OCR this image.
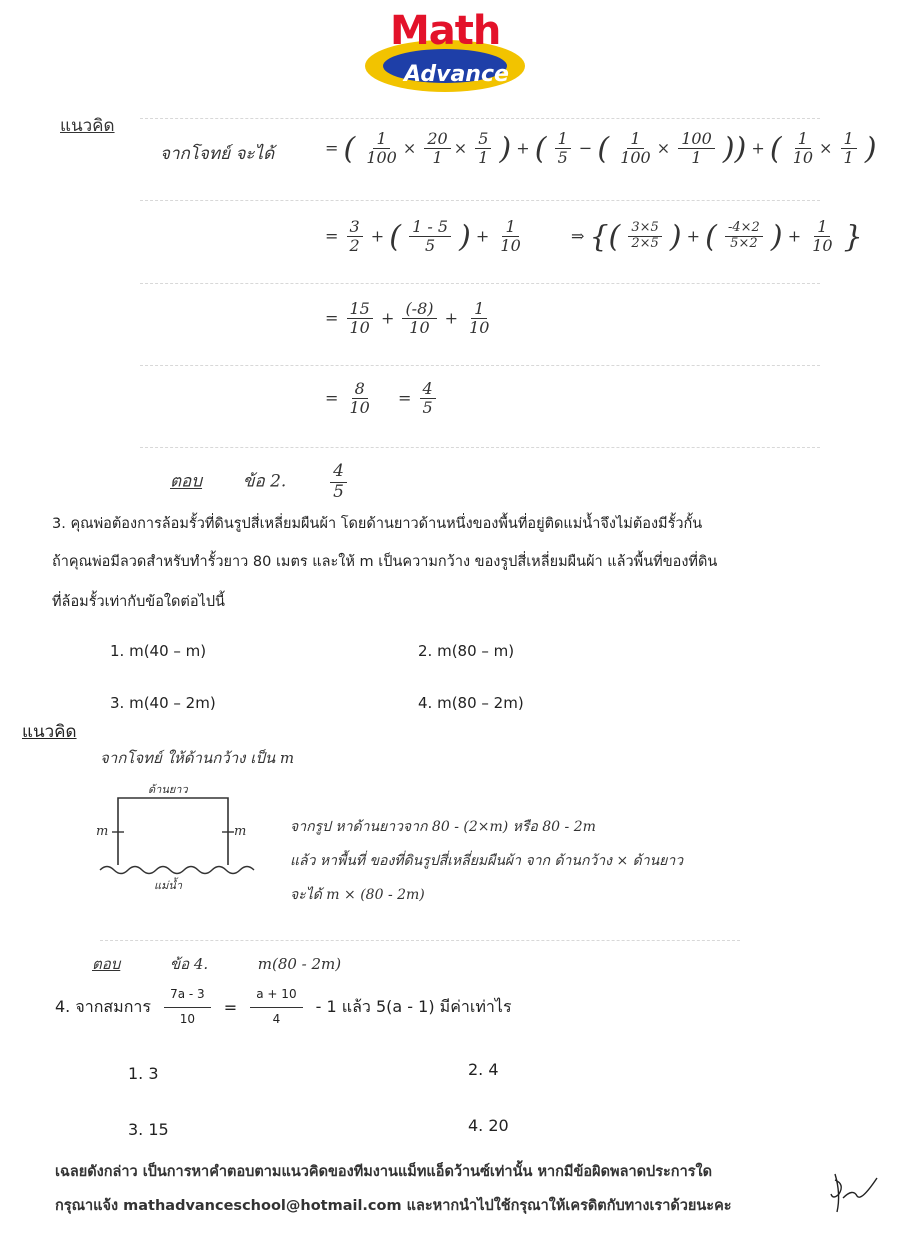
Math
Advance
แนวคิด
จากโจทย์ จะได้	= ( $\frac{1}{100} \times \frac{20}{1} \times \frac{5}{1}$ ) + ( $\frac{1}{5}$ − ( $\frac{1}{100} \times \frac{100}{1}$ )) + ( $\frac{1}{10} \times \frac{1}{1}$ )
= $\frac{3}{2}$ + ( $\frac{1 - 5}{5}$ ) + $\frac{1}{10}$	⇒ {( $\frac{3\times 5}{2\times 5}$ ) + ( $\frac{-4\times 2}{5\times 2}$ ) + $\frac{1}{10}$ }
= $\frac{15}{10} + \frac{(-8)}{10} + \frac{1}{10}$
= $\frac{8}{10} = \frac{4}{5}$
ตอบ ข้อ 2.	$\frac{4}{5}$
3. คุณพ่อต้องการล้อมรั้วที่ดินรูปสี่เหลี่ยมผืนผ้า โดยด้านยาวด้านหนึ่งของพื้นที่อยู่ติดแม่น้ำจึงไม่ต้องมีรั้วกั้น
ถ้าคุณพ่อมีลวดสำหรับทำรั้วยาว 80 เมตร และให้ m เป็นความกว้าง ของรูปสี่เหลี่ยมผืนผ้า แล้วพื้นที่ของที่ดิน
ที่ล้อมรั้วเท่ากับข้อใดต่อไปนี้
1. m(40 – m)	2. m(80 – m)
3. m(40 – 2m)	4. m(80 – 2m)
แนวคิด
จากโจทย์ ให้ด้านกว้าง เป็น m
ด้านยาว
m	m
แม่น้ำ
จากรูป หาด้านยาวจาก 80 - (2×m) หรือ 80 - 2m
แล้ว หาพื้นที่ ของที่ดินรูปสี่เหลี่ยมผืนผ้า จาก ด้านกว้าง × ด้านยาว
จะได้ m × (80 - 2m)
ตอบ	ข้อ 4.	m(80 - 2m)
4. จากสมการ $\frac{7a - 3}{10} = \frac{a + 10}{4} - 1$ แล้ว 5(a - 1) มีค่าเท่าไร
1. 3	2. 4
3. 15	4. 20
เฉลยดังกล่าว เป็นการหาคำตอบตามแนวคิดของทีมงานแม็ทแอ็ดว้านซ์เท่านั้น หากมีข้อผิดพลาดประการใด
กรุณาแจ้ง mathadvanceschool@hotmail.com และหากนำไปใช้กรุณาให้เครดิตกับทางเราด้วยนะคะ
